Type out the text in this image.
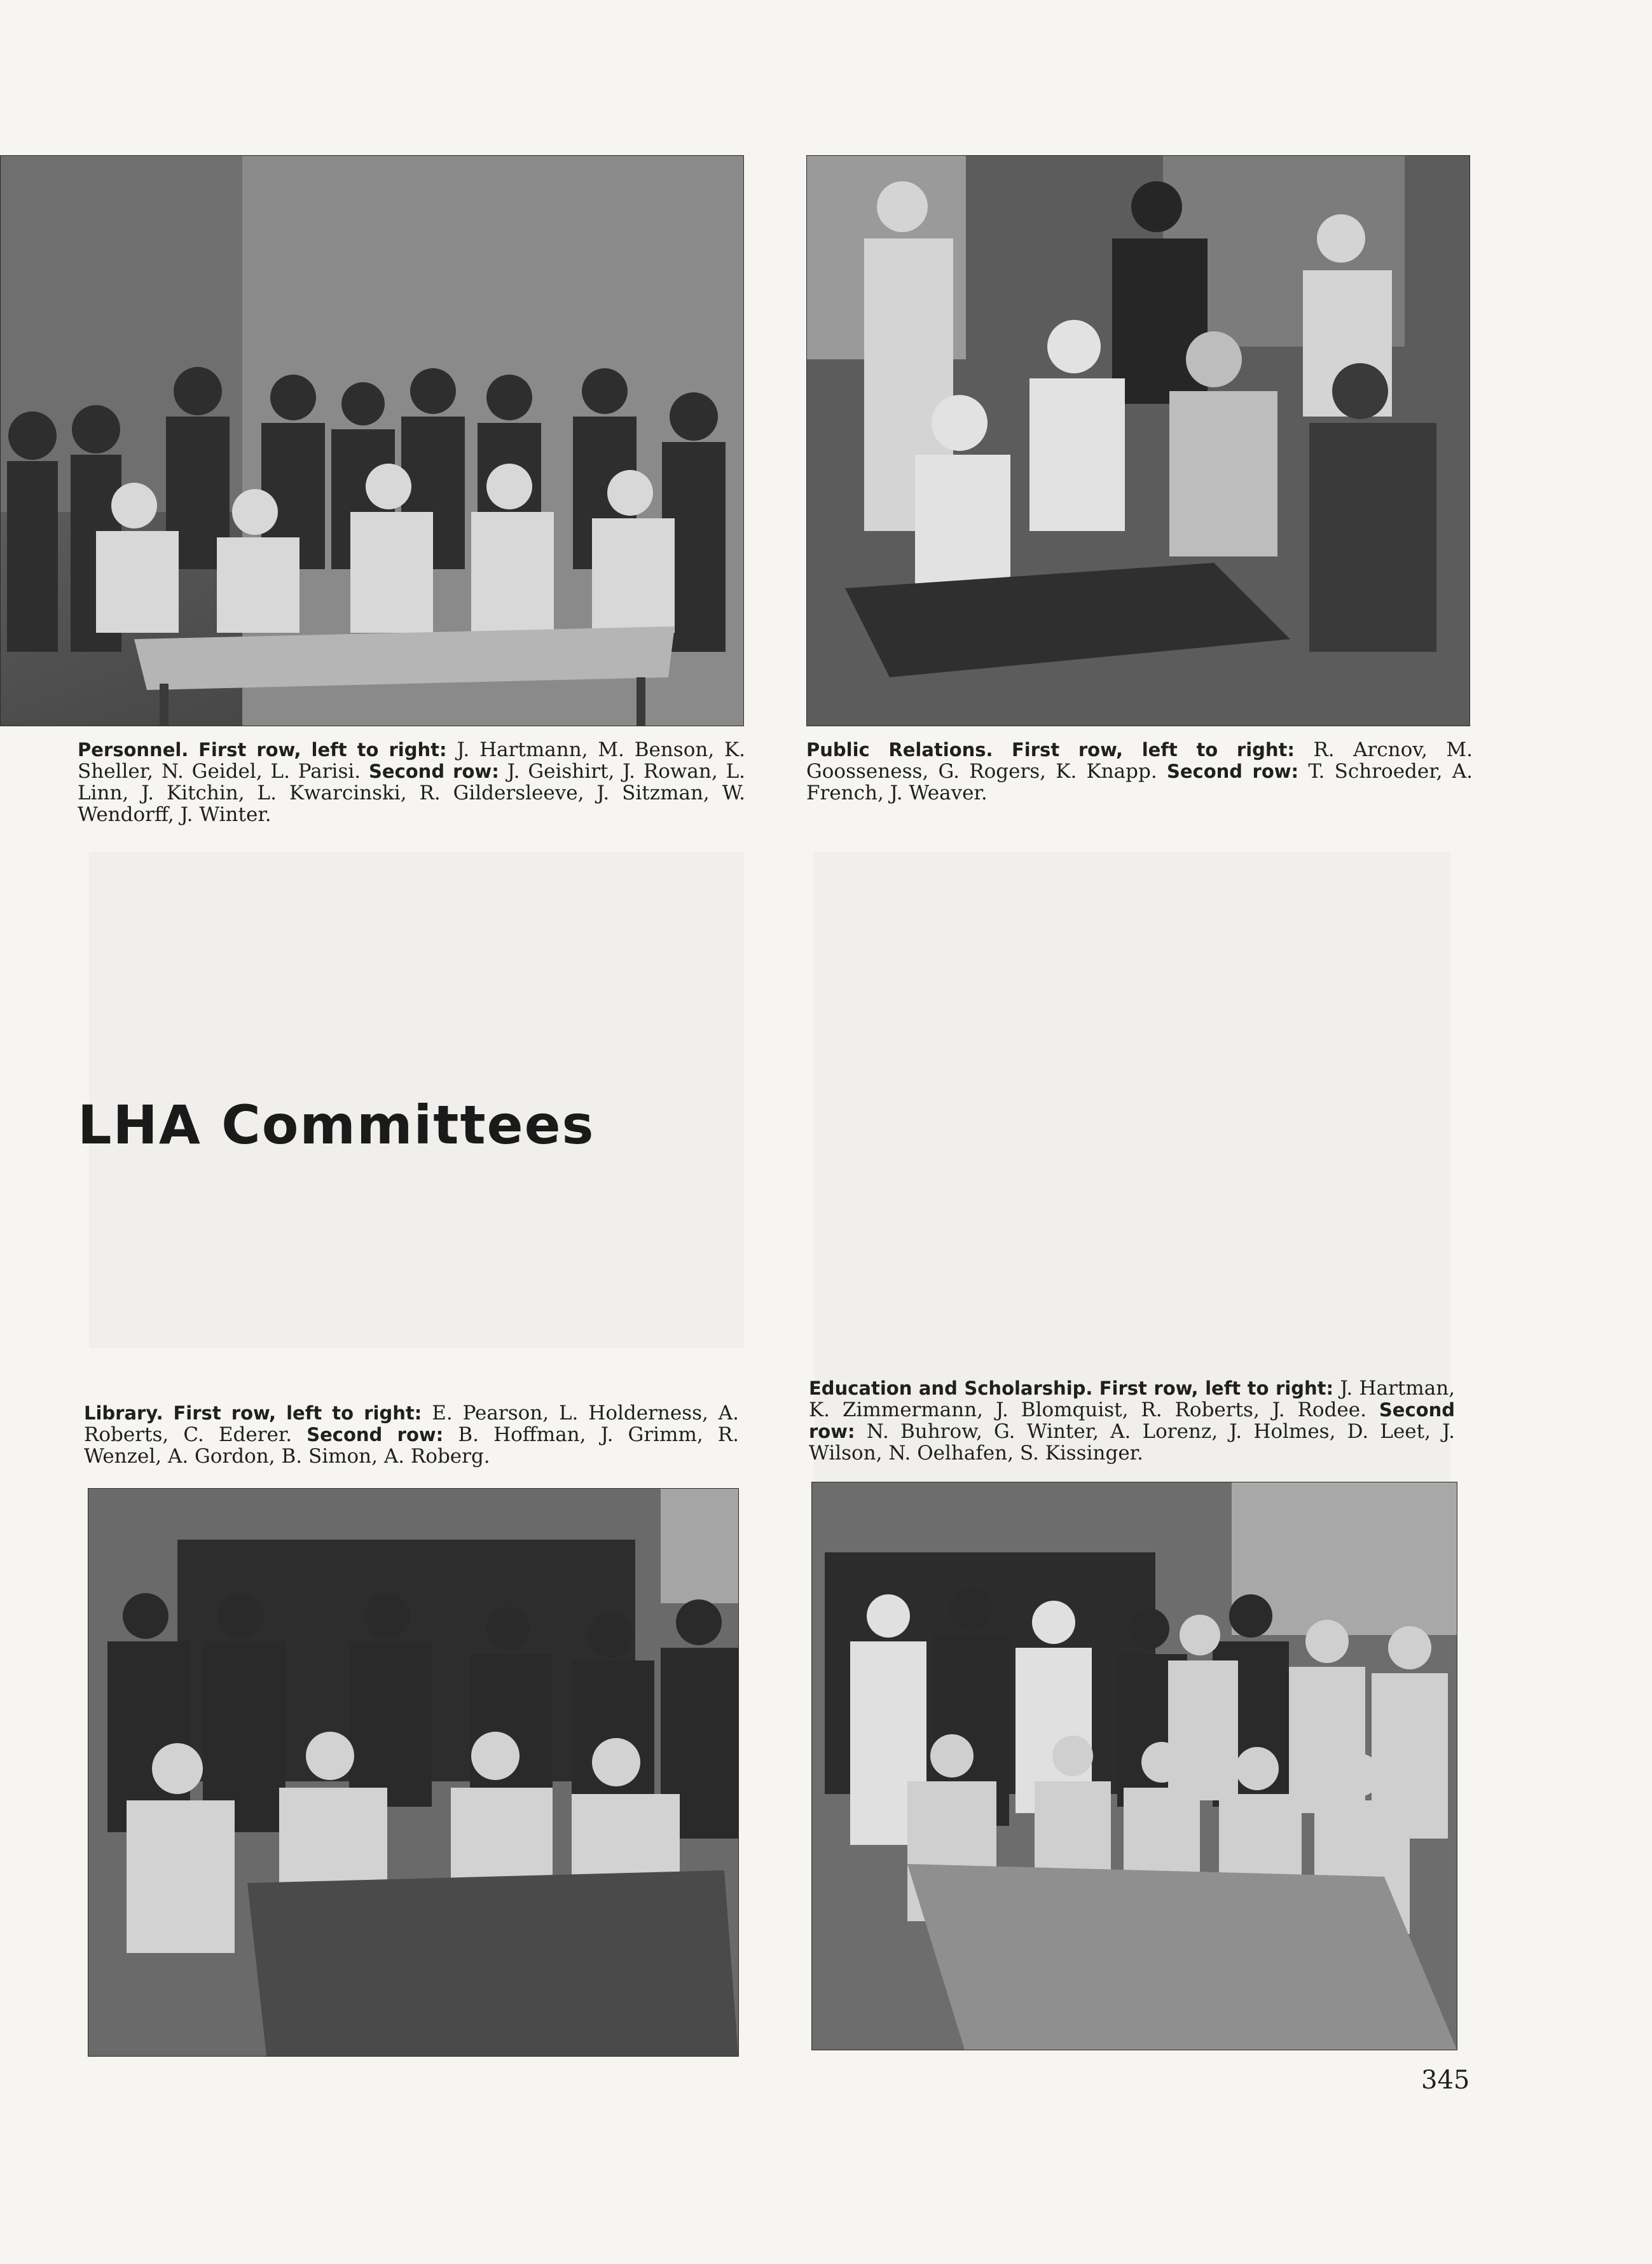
Personnel. First row, left to right: J. Hartmann, M. Benson, K. Sheller, N. Geidel, L. Parisi. Second row: J. Geishirt, J. Rowan, L. Linn, J. Kitchin, L. Kwarcinski, R. Gildersleeve, J. Sitzman, W. Wendorff, J. Winter.
Public Relations. First row, left to right: R. Arcnov, M. Goosseness, G. Rogers, K. Knapp. Second row: T. Schroeder, A. French, J. Weaver.
LHA Committees
Library. First row, left to right: E. Pearson, L. Holderness, A. Roberts, C. Ederer. Second row: B. Hoffman, J. Grimm, R. Wenzel, A. Gordon, B. Simon, A. Roberg.
Education and Scholarship. First row, left to right: J. Hartman, K. Zimmermann, J. Blomquist, R. Roberts, J. Rodee. Second row: N. Buhrow, G. Winter, A. Lorenz, J. Holmes, D. Leet, J. Wilson, N. Oelhafen, S. Kissinger.
345
